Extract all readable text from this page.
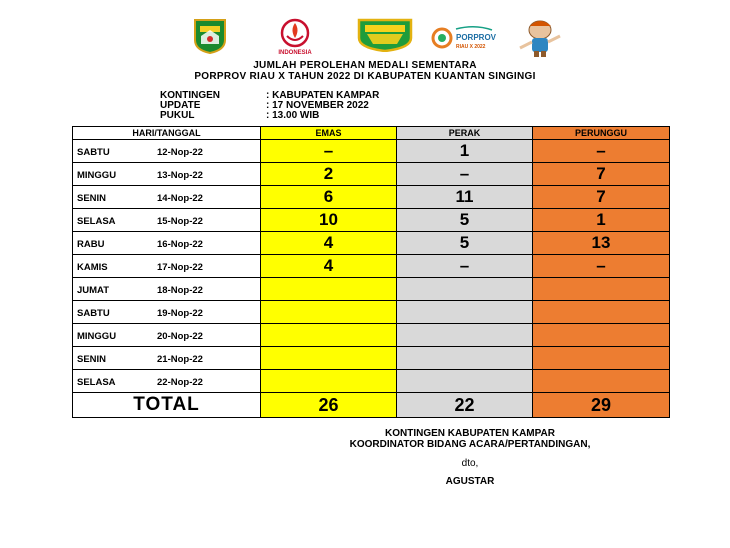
INDONESIA
PORPROV
RIAU X 2022
JUMLAH PEROLEHAN MEDALI SEMENTARA
PORPROV RIAU X TAHUN 2022 DI KABUPATEN KUANTAN SINGINGI
KONTINGEN	: KABUPATEN KAMPAR
UPDATE	: 17 NOVEMBER 2022
PUKUL	: 13.00 WIB
HARI/TANGGAL	EMAS	PERAK	PERUNGGU
SABTU 12-Nop-22	–	1	–
MINGGU 13-Nop-22	2	–	7
SENIN 14-Nop-22	6	11	7
SELASA 15-Nop-22	10	5	1
RABU 16-Nop-22	4	5	13
KAMIS 17-Nop-22	4	–	–
JUMAT 18-Nop-22			
SABTU 19-Nop-22			
MINGGU 20-Nop-22			
SENIN 21-Nop-22			
SELASA 22-Nop-22			
TOTAL	26	22	29
KONTINGEN KABUPATEN KAMPAR
KOORDINATOR BIDANG ACARA/PERTANDINGAN,
dto,
AGUSTAR
